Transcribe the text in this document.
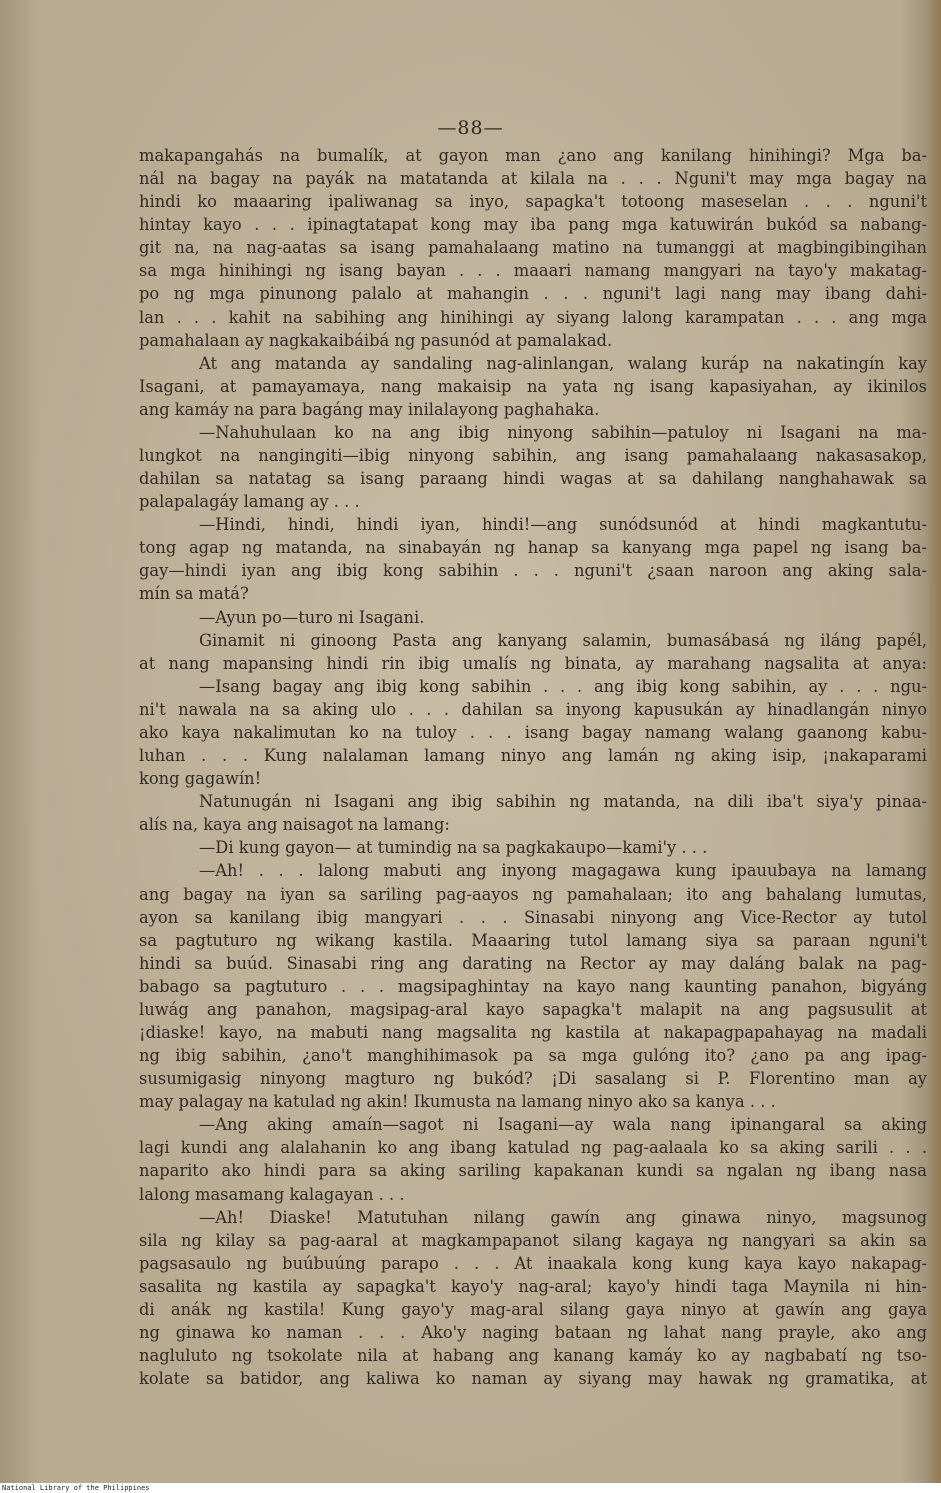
—88—
makapangahás na bumalík, at gayon man ¿ano ang kanilang hinihingi? Mga ba-
nál na bagay na payák na matatanda at kilala na . . . Nguni't may mga bagay na
hindi ko maaaring ipaliwanag sa inyo, sapagka't totoong maseselan . . . nguni't
hintay kayo . . . ipinagtatapat kong may iba pang mga katuwirán bukód sa nabang-
git na, na nag-aatas sa isang pamahalaang matino na tumanggi at magbingibingihan
sa mga hinihingi ng isang bayan . . . maaari namang mangyari na tayo'y makatag-
po ng mga pinunong palalo at mahangin . . . nguni't lagi nang may ibang dahi-
lan . . . kahit na sabihing ang hinihingi ay siyang lalong karampatan . . . ang mga
pamahalaan ay nagkakaibáibá ng pasunód at pamalakad.
At ang matanda ay sandaling nag-alinlangan, walang kuráp na nakatingín kay
Isagani, at pamayamaya, nang makaisip na yata ng isang kapasiyahan, ay ikinilos
ang kamáy na para bagáng may inilalayong paghahaka.
—Nahuhulaan ko na ang ibig ninyong sabihin—patuloy ni Isagani na ma-
lungkot na nangingiti—ibig ninyong sabihin, ang isang pamahalaang nakasasakop,
dahilan sa natatag sa isang paraang hindi wagas at sa dahilang nanghahawak sa
palapalagáy lamang ay . . .
—Hindi, hindi, hindi iyan, hindi!—ang sunódsunód at hindi magkantutu-
tong agap ng matanda, na sinabayán ng hanap sa kanyang mga papel ng isang ba-
gay—hindi iyan ang ibig kong sabihin . . . nguni't ¿saan naroon ang aking sala-
mín sa matá?
—Ayun po—turo ni Isagani.
Ginamit ni ginoong Pasta ang kanyang salamin, bumasábasá ng iláng papél,
at nang mapansing hindi rin ibig umalís ng binata, ay marahang nagsalita at anya:
—Isang bagay ang ibig kong sabihin . . . ang ibig kong sabihin, ay . . . ngu-
ni't nawala na sa aking ulo . . . dahilan sa inyong kapusukán ay hinadlangán ninyo
ako kaya nakalimutan ko na tuloy . . . isang bagay namang walang gaanong kabu-
luhan . . . Kung nalalaman lamang ninyo ang lamán ng aking isip, ¡nakaparami
kong gagawín!
Natunugán ni Isagani ang ibig sabihin ng matanda, na dili iba't siya'y pinaa-
alís na, kaya ang naisagot na lamang:
—Di kung gayon— at tumindig na sa pagkakaupo—kami'y . . .
—Ah! . . . lalong mabuti ang inyong magagawa kung ipauubaya na lamang
ang bagay na iyan sa sariling pag-aayos ng pamahalaan; ito ang bahalang lumutas,
ayon sa kanilang ibig mangyari . . . Sinasabi ninyong ang Vice-Rector ay tutol
sa pagtuturo ng wikang kastila. Maaaring tutol lamang siya sa paraan nguni't
hindi sa buúd. Sinasabi ring ang darating na Rector ay may daláng balak na pag-
babago sa pagtuturo . . . magsipaghintay na kayo nang kaunting panahon, bigyáng
luwág ang panahon, magsipag-aral kayo sapagka't malapit na ang pagsusulit at
¡diaske! kayo, na mabuti nang magsalita ng kastila at nakapagpapahayag na madali
ng ibig sabihin, ¿ano't manghihimasok pa sa mga gulóng ito? ¿ano pa ang ipag-
susumigasig ninyong magturo ng bukód? ¡Di sasalang si P. Florentino man ay
may palagay na katulad ng akin! Ikumusta na lamang ninyo ako sa kanya . . .
—Ang aking amaín—sagot ni Isagani—ay wala nang ipinangaral sa aking
lagi kundi ang alalahanin ko ang ibang katulad ng pag-aalaala ko sa aking sarili . . .
naparito ako hindi para sa aking sariling kapakanan kundi sa ngalan ng ibang nasa
lalong masamang kalagayan . . .
—Ah! Diaske! Matutuhan nilang gawín ang ginawa ninyo, magsunog
sila ng kilay sa pag-aaral at magkampapanot silang kagaya ng nangyari sa akin sa
pagsasaulo ng buúbuúng parapo . . . At inaakala kong kung kaya kayo nakapag-
sasalita ng kastila ay sapagka't kayo'y nag-aral; kayo'y hindi taga Maynila ni hin-
di anák ng kastila! Kung gayo'y mag-aral silang gaya ninyo at gawín ang gaya
ng ginawa ko naman . . . Ako'y naging bataan ng lahat nang prayle, ako ang
nagluluto ng tsokolate nila at habang ang kanang kamáy ko ay nagbabatí ng tso-
kolate sa batidor, ang kaliwa ko naman ay siyang may hawak ng gramatika, at
National Library of the Philippines
